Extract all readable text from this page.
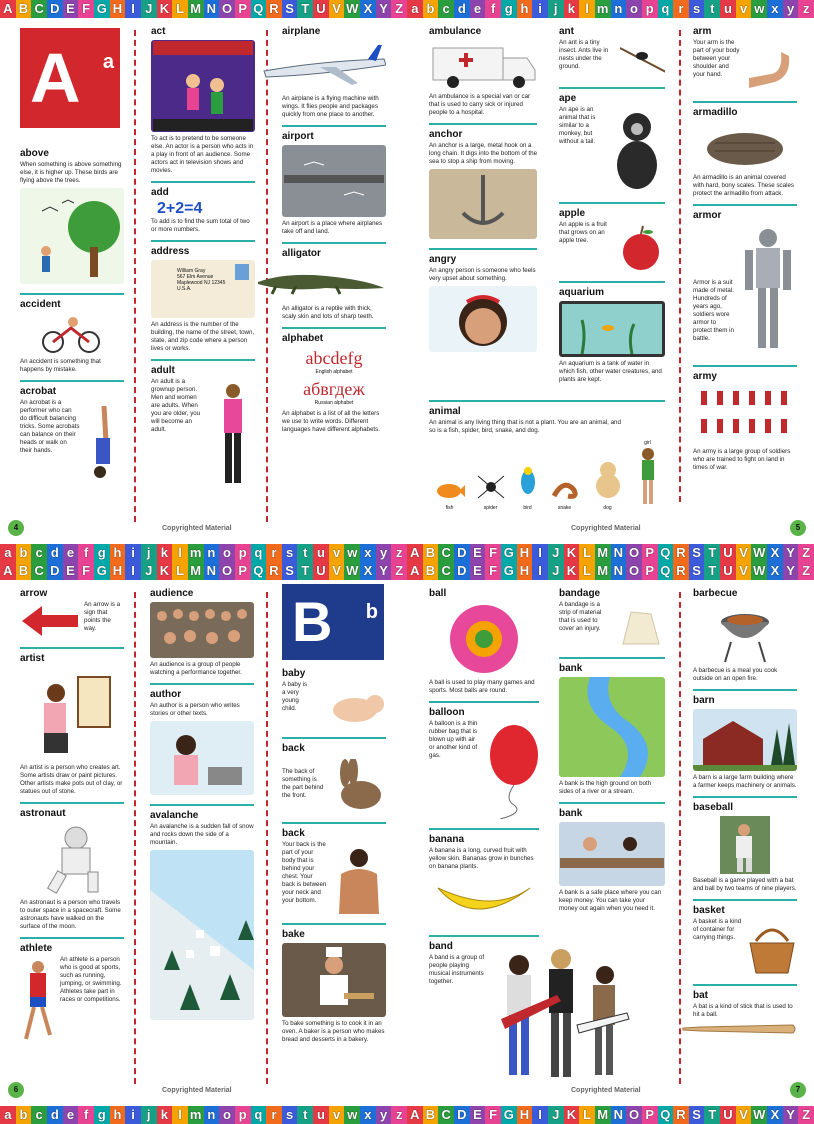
A B C D E F G H I J K L M N O P Q R S T U V W X Y Z
a b c d e f g h i j k l m n o p q r s t u v w x y z
A a
above
When something is above something else, it is higher up. These birds are flying above the trees.
accident
An accident is something that happens by mistake.
acrobat
An acrobat is a performer who can do difficult balancing tricks. Some acrobats can balance on their heads or walk on their hands.
act
To act is to pretend to be someone else. An actor is a person who acts in a play in front of an audience. Some actors act in television shows and movies.
add
2+2=4
To add is to find the sum total of two or more numbers.
address
William Gray
567 Elm Avenue
Maplewood NJ 12345
U.S.A.
An address is the number of the building, the name of the street, town, state, and zip code where a person lives or works.
adult
An adult is a grownup person. Men and women are adults. When you are older, you will become an adult.
airplane
An airplane is a flying machine with wings. It flies people and packages quickly from one place to another.
airport
An airport is a place where airplanes take off and land.
alligator
An alligator is a reptile with thick, scaly skin and lots of sharp teeth.
alphabet
abcdefg
English alphabet
абвгдеж
Russian alphabet
An alphabet is a list of all the letters we use to write words. Different languages have different alphabets.
4	Copyrighted Material
a b c d e f g h i j k l m n o p q r s t u v w x y z
A B C D E F G H I J K L M N O P Q R S T U V W X Y Z
ambulance
An ambulance is a special van or car that is used to carry sick or injured people to a hospital.
anchor
An anchor is a large, metal hook on a long chain. It digs into the bottom of the sea to stop a ship from moving.
angry
An angry person is someone who feels very upset about something.
ant
An ant is a tiny insect. Ants live in nests under the ground.
ape
An ape is an animal that is similar to a monkey, but without a tail.
apple
An apple is a fruit that grows on an apple tree.
aquarium
An aquarium is a tank of water in which fish, other water creatures, and plants are kept.
animal
An animal is any living thing that is not a plant. You are an animal, and so is a fish, spider, bird, snake, and dog.
fish	spider	bird	snake	dog
girl
arm
Your arm is the part of your body between your shoulder and your hand.
armadillo
An armadillo is an animal covered with hard, bony scales. These scales protect the armadillo from attack.
armor
Armor is a suit made of metal. Hundreds of years ago, soldiers wore armor to protect them in battle.
army
An army is a large group of soldiers who are trained to fight on land in times of war.
5
Copyrighted Material
A B C D E F G H I J K L M N O P Q R S T U V W X Y Z
a b c d e f g h i j k l m n o p q r s t u v w x y z
arrow
An arrow is a sign that points the way.
artist
An artist is a person who creates art. Some artists draw or paint pictures. Other artists make pots out of clay, or statues out of stone.
astronaut
An astronaut is a person who travels to outer space in a spacecraft. Some astronauts have walked on the surface of the moon.
athlete
An athlete is a person who is good at sports, such as running, jumping, or swimming. Athletes take part in races or competitions.
audience
An audience is a group of people watching a performance together.
author
An author is a person who writes stories or other texts.
avalanche
An avalanche is a sudden fall of snow and rocks down the side of a mountain.
B b
baby
A baby is a very young child.
back
The back of something is the part behind the front.
back
Your back is the part of your body that is behind your chest. Your back is between your neck and your bottom.
bake
To bake something is to cook it in an oven. A baker is a person who makes bread and desserts in a bakery.
6	Copyrighted Material
A B C D E F G H I J K L M N O P Q R S T U V W X Y Z
A B C D E F G H I J K L M N O P Q R S T U V W X Y Z
ball
A ball is used to play many games and sports. Most balls are round.
balloon
A balloon is a thin rubber bag that is blown up with air or another kind of gas.
banana
A banana is a long, curved fruit with yellow skin. Bananas grow in bunches on banana plants.
band
A band is a group of people playing musical instruments together.
bandage
A bandage is a strip of material that is used to cover an injury.
bank
A bank is the high ground on both sides of a river or a stream.
bank
A bank is a safe place where you can keep money. You can take your money out again when you need it.
barbecue
A barbecue is a meal you cook outside on an open fire.
barn
A barn is a large farm building where a farmer keeps machinery or animals.
baseball
Baseball is a game played with a bat and ball by two teams of nine players.
basket
A basket is a kind of container for carrying things.
bat
A bat is a kind of stick that is used to hit a ball.
7
Copyrighted Material
